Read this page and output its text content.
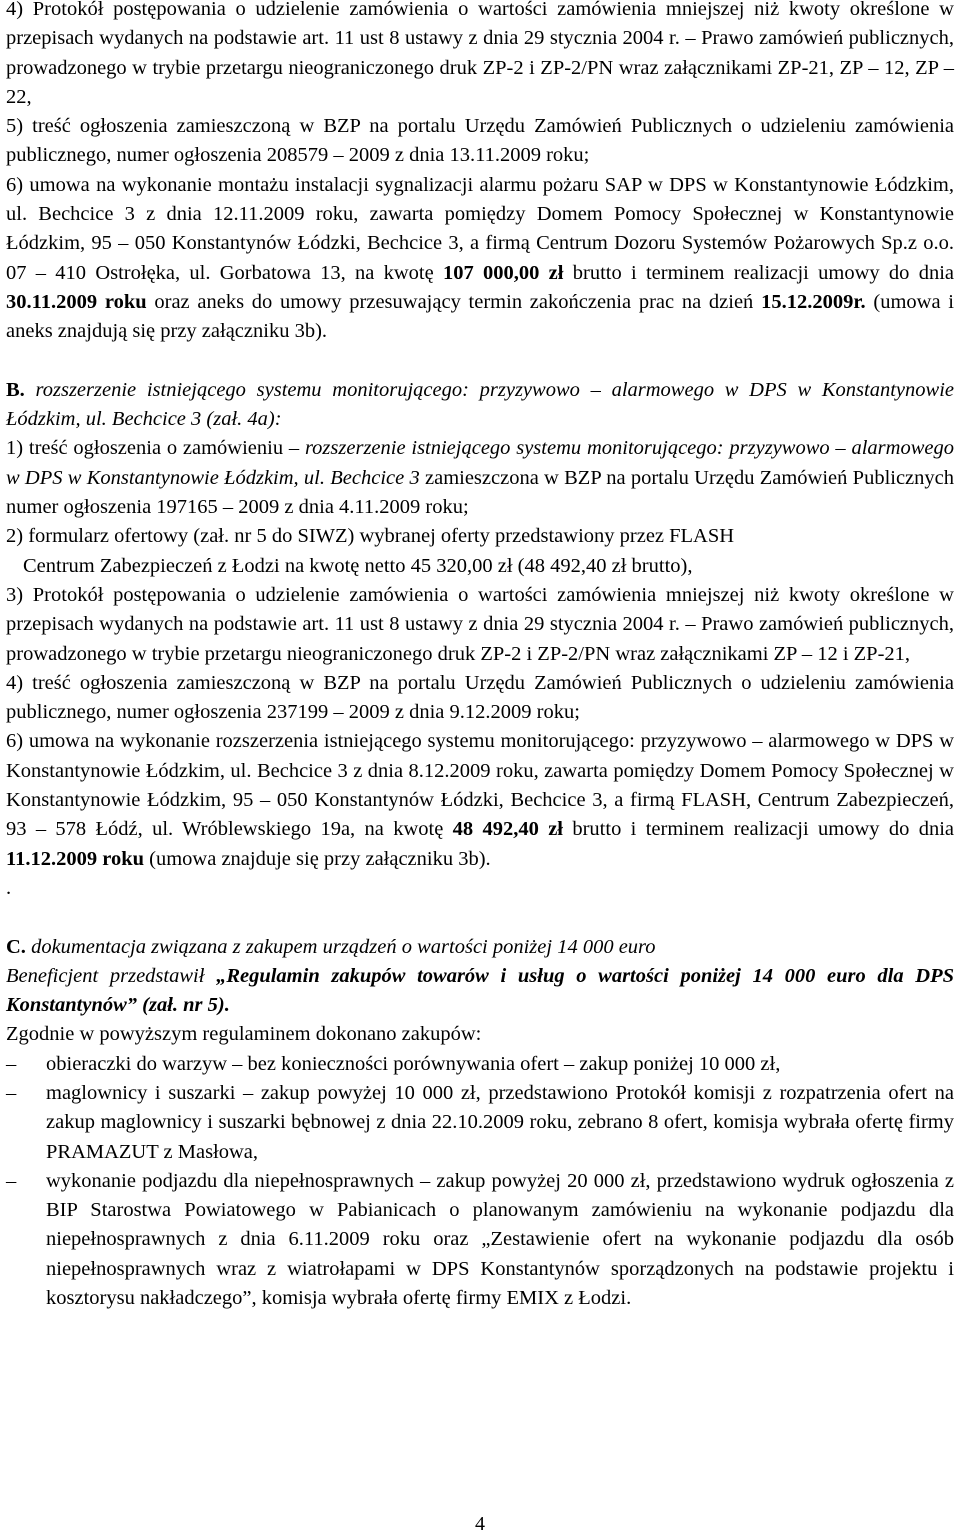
4) Protokół postępowania o udzielenie zamówienia o wartości zamówienia mniejszej niż kwoty określone w przepisach wydanych na podstawie art. 11 ust 8 ustawy z dnia 29 stycznia 2004 r. – Prawo zamówień publicznych, prowadzonego w trybie przetargu nieograniczonego druk ZP-2 i ZP-2/PN wraz załącznikami ZP-21, ZP – 12, ZP – 22,

5) treść ogłoszenia zamieszczoną w BZP na portalu Urzędu Zamówień Publicznych o udzieleniu zamówienia publicznego, numer ogłoszenia 208579 – 2009 z dnia 13.11.2009 roku;

6) umowa na wykonanie montażu instalacji sygnalizacji alarmu pożaru SAP w DPS w Konstantynowie Łódzkim, ul. Bechcice 3 z dnia 12.11.2009 roku, zawarta pomiędzy Domem Pomocy Społecznej w Konstantynowie Łódzkim, 95 – 050 Konstantynów Łódzki, Bechcice 3, a firmą Centrum Dozoru Systemów Pożarowych Sp.z o.o. 07 – 410 Ostrołęka, ul. Gorbatowa 13, na kwotę 107 000,00 zł brutto i terminem realizacji umowy do dnia 30.11.2009 roku oraz aneks do umowy przesuwający termin zakończenia prac na dzień 15.12.2009r. (umowa i aneks znajdują się przy załączniku 3b).

B. rozszerzenie istniejącego systemu monitorującego: przyzywowo – alarmowego w DPS w Konstantynowie Łódzkim, ul. Bechcice 3 (zał. 4a):

1) treść ogłoszenia o zamówieniu – rozszerzenie istniejącego systemu monitorującego: przyzywowo – alarmowego w DPS w Konstantynowie Łódzkim, ul. Bechcice 3 zamieszczona w BZP na portalu Urzędu Zamówień Publicznych numer ogłoszenia 197165 – 2009 z dnia 4.11.2009 roku;

2) formularz ofertowy (zał. nr 5 do SIWZ) wybranej oferty przedstawiony przez FLASH

Centrum Zabezpieczeń z Łodzi na kwotę netto 45 320,00 zł (48 492,40 zł brutto),

3) Protokół postępowania o udzielenie zamówienia o wartości zamówienia mniejszej niż kwoty określone w przepisach wydanych na podstawie art. 11 ust 8 ustawy z dnia 29 stycznia 2004 r. – Prawo zamówień publicznych, prowadzonego w trybie przetargu nieograniczonego druk ZP-2 i ZP-2/PN wraz załącznikami ZP – 12 i ZP-21,

4) treść ogłoszenia zamieszczoną w BZP na portalu Urzędu Zamówień Publicznych o udzieleniu zamówienia publicznego, numer ogłoszenia 237199 – 2009 z dnia 9.12.2009 roku;

6) umowa na wykonanie rozszerzenia istniejącego systemu monitorującego: przyzywowo – alarmowego w DPS w Konstantynowie Łódzkim, ul. Bechcice 3 z dnia 8.12.2009 roku, zawarta pomiędzy Domem Pomocy Społecznej w Konstantynowie Łódzkim, 95 – 050 Konstantynów Łódzki, Bechcice 3, a firmą FLASH, Centrum Zabezpieczeń, 93 – 578 Łódź, ul. Wróblewskiego 19a, na kwotę 48 492,40 zł brutto i terminem realizacji umowy do dnia 11.12.2009 roku (umowa znajduje się przy załączniku 3b).

.

C. dokumentacja związana z zakupem urządzeń o wartości poniżej 14 000 euro

Beneficjent przedstawił „Regulamin zakupów towarów i usług o wartości poniżej 14 000 euro dla DPS Konstantynów” (zał. nr 5).

Zgodnie w powyższym regulaminem dokonano zakupów:

– obieraczki do warzyw – bez konieczności porównywania ofert – zakup poniżej 10 000 zł,
– maglownicy i suszarki – zakup powyżej 10 000 zł, przedstawiono Protokół komisji z rozpatrzenia ofert na zakup maglownicy i suszarki bębnowej z dnia 22.10.2009 roku, zebrano 8 ofert, komisja wybrała ofertę firmy PRAMAZUT z Masłowa,
– wykonanie podjazdu dla niepełnosprawnych – zakup powyżej 20 000 zł, przedstawiono wydruk ogłoszenia z BIP Starostwa Powiatowego w Pabianicach o planowanym zamówieniu na wykonanie podjazdu dla niepełnosprawnych z dnia 6.11.2009 roku oraz „Zestawienie ofert na wykonanie podjazdu dla osób niepełnosprawnych wraz z wiatrołapami w DPS Konstantynów sporządzonych na podstawie projektu i kosztorysu nakładczego”, komisja wybrała ofertę firmy EMIX z Łodzi.
4
